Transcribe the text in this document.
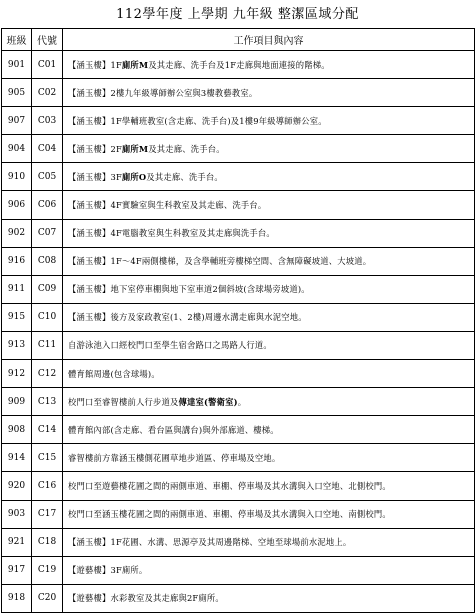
112學年度 上學期 九年級 整潔區域分配
班級	代號	工作項目與內容
901	C01	【涵玉樓】1F廁所M及其走廊、洗手台及1F走廊與地面連接的階梯。
905	C02	【涵玉樓】2樓九年級導師辦公室與3樓教藝教室。
907	C03	【涵玉樓】1F學輔班教室(含走廊、洗手台)及1樓9年級導師辦公室。
904	C04	【涵玉樓】2F廁所M及其走廊、洗手台。
910	C05	【涵玉樓】3F廁所O及其走廊、洗手台。
906	C06	【涵玉樓】4F實驗室與生科教室及其走廊、洗手台。
902	C07	【涵玉樓】4F電腦教室與生科教室及其走廊與洗手台。
916	C08	【涵玉樓】1F～4F兩側樓梯，及含學輔班旁樓梯空間、含無障礙坡道、大坡道。
911	C09	【涵玉樓】地下室停車棚與地下室車道2個斜坡(含球場旁坡道)。
915	C10	【涵玉樓】後方及家政教室(1、2樓)周邊水溝走廊與水泥空地。
913	C11	自游泳池入口經校門口至學生宿舍路口之馬路人行道。
912	C12	體育館周邊(包含球場)。
909	C13	校門口至睿智樓前人行步道及傳達室(警衛室)。
908	C14	體育館內部(含走廊、看台區與講台)與外部廊道、樓梯。
914	C15	睿智樓前方靠涵玉樓側花圃草地步道區、停車場及空地。
920	C16	校門口至遊藝樓花圃之間的兩側車道、車棚、停車場及其水溝與入口空地、北側校門。
903	C17	校門口至涵玉樓花圃之間的兩側車道、車棚、停車場及其水溝與入口空地、南側校門。
921	C18	【涵玉樓】1F花圃、水溝、思源亭及其周邊階梯、空地至球場前水泥地上。
917	C19	【遊藝樓】3F廁所。
918	C20	【遊藝樓】水彩教室及其走廊與2F廁所。
